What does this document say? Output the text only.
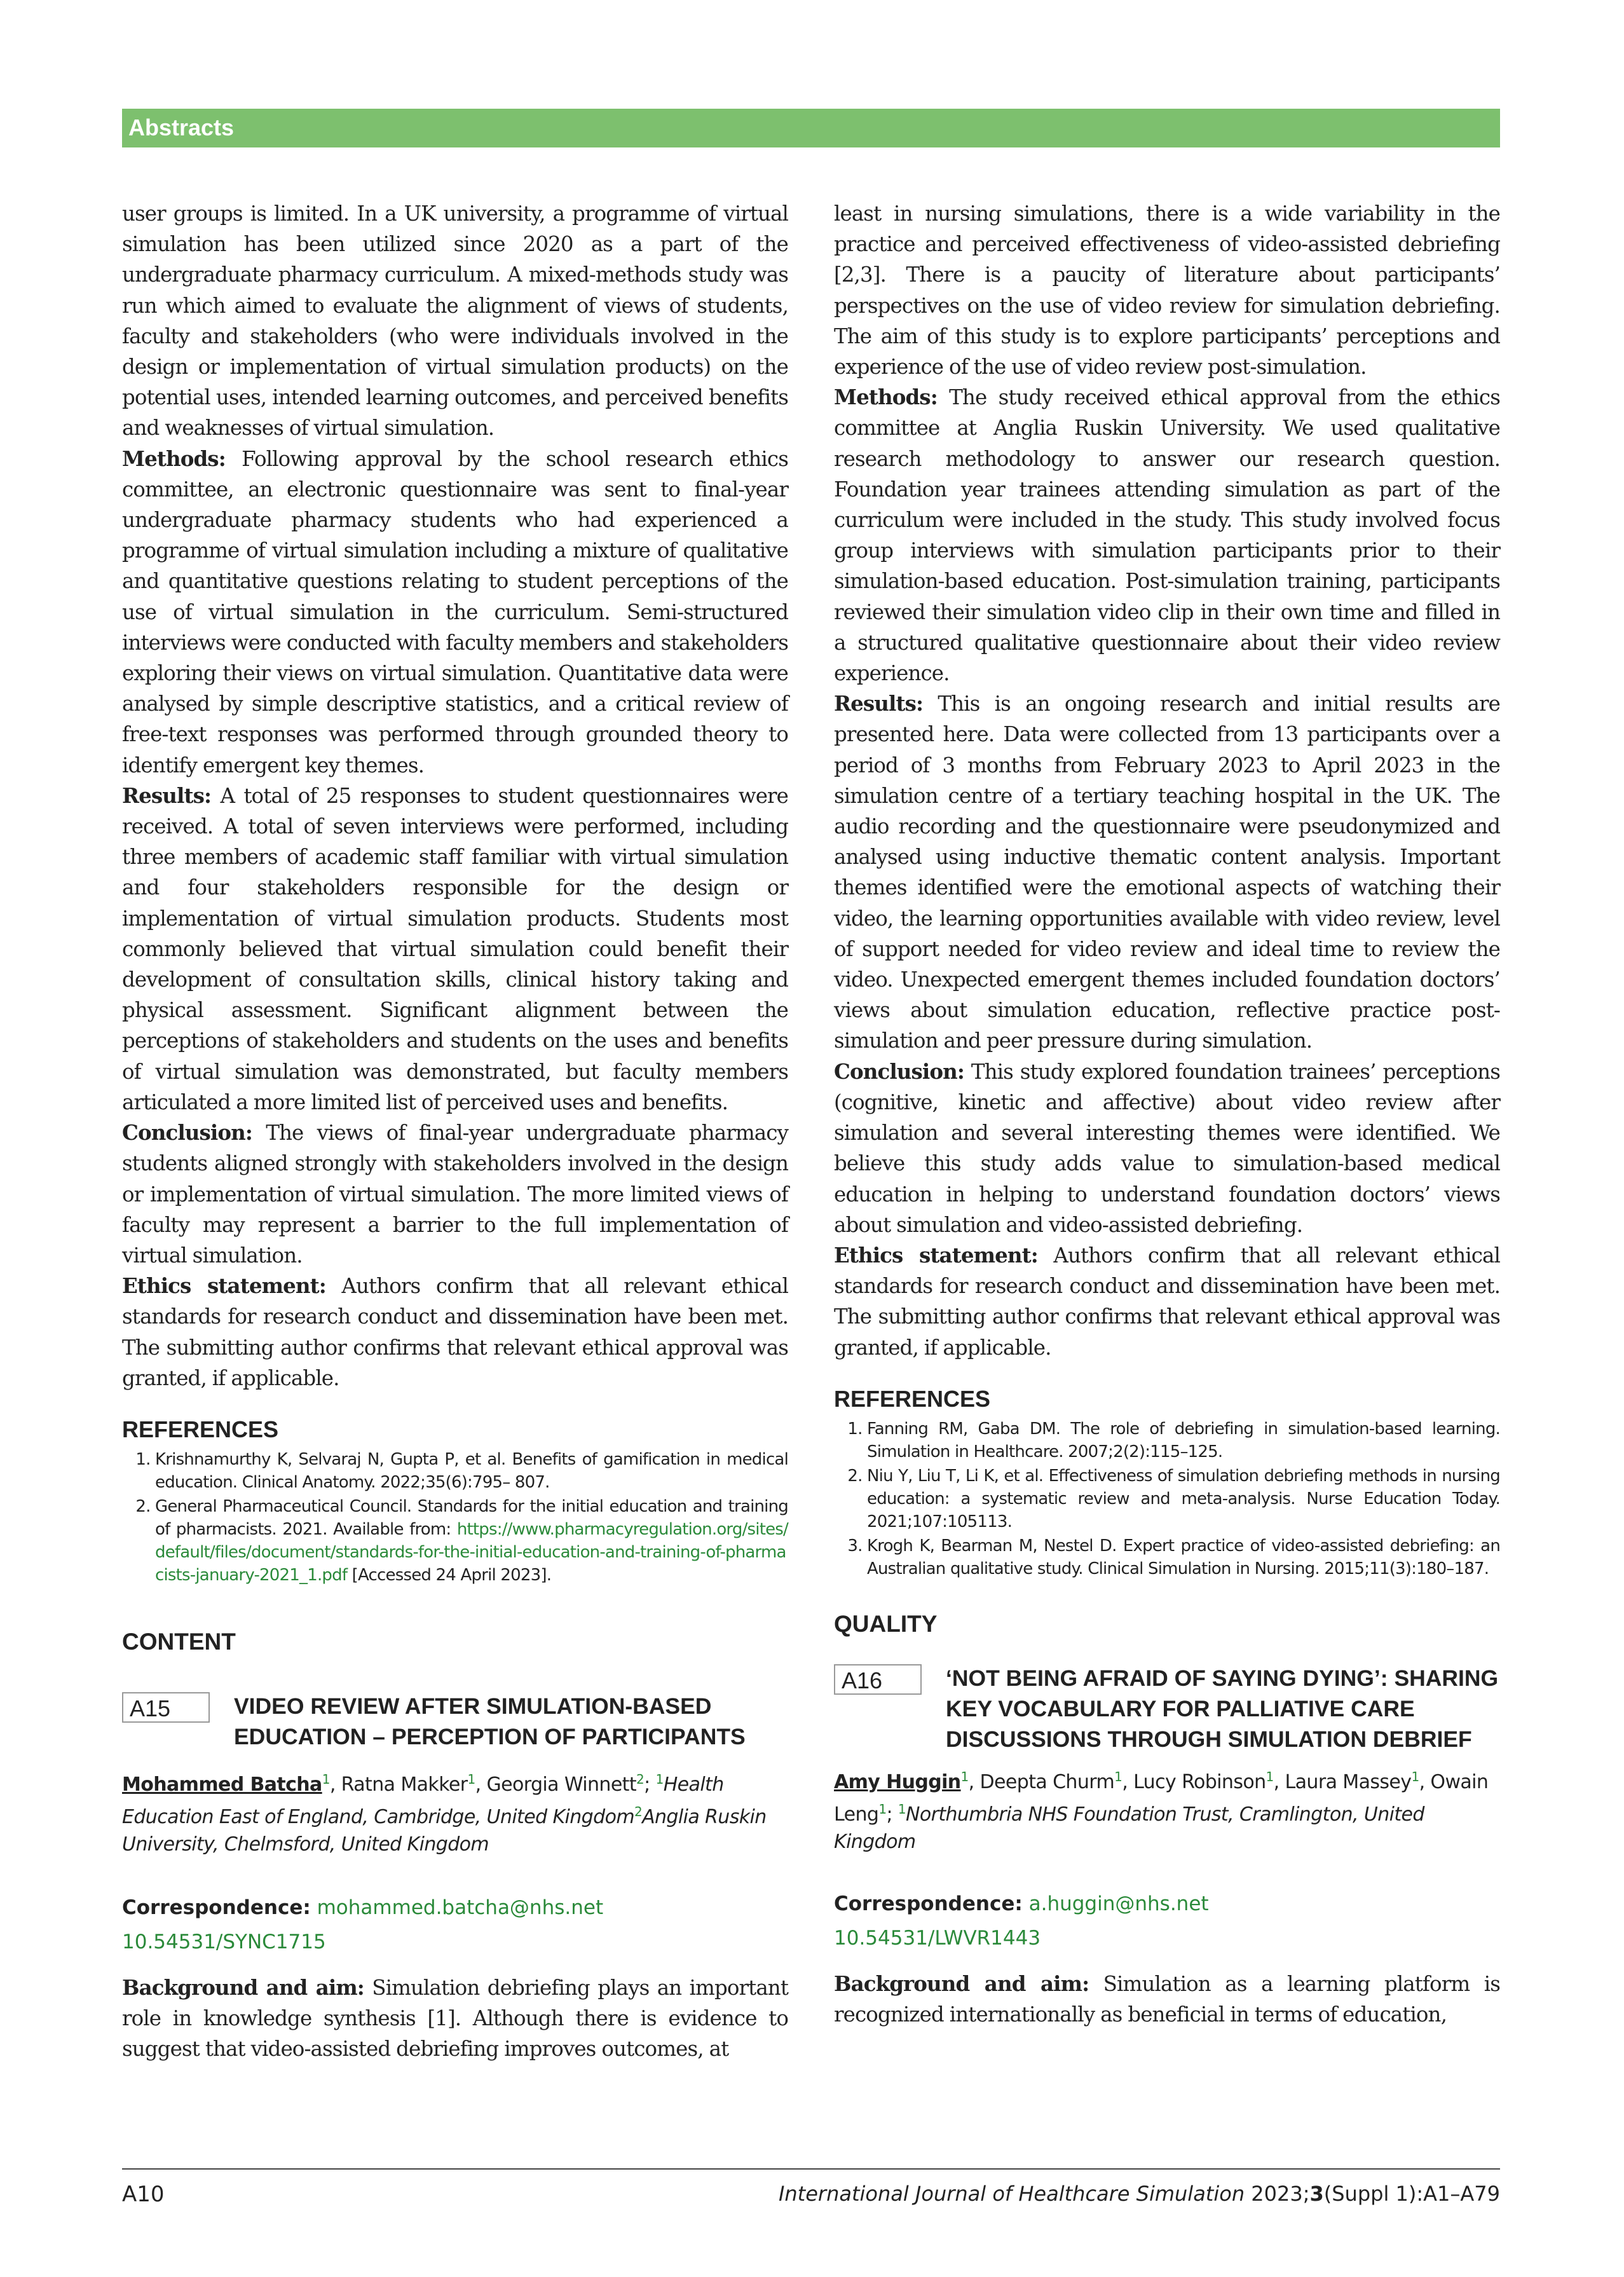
Abstracts

user groups is limited. In a UK university, a programme of virtual simulation has been utilized since 2020 as a part of the undergraduate pharmacy curriculum. A mixed-methods study was run which aimed to evaluate the alignment of views of students, faculty and stakeholders (who were individuals involved in the design or implementation of virtual simulation products) on the potential uses, intended learning outcomes, and perceived benefits and weaknesses of virtual simulation.

Methods: Following approval by the school research ethics committee, an electronic questionnaire was sent to final-year undergraduate pharmacy students who had experienced a programme of virtual simulation including a mixture of qualitative and quantitative questions relating to student perceptions of the use of virtual simulation in the curriculum. Semi-structured interviews were conducted with faculty members and stakeholders exploring their views on virtual simulation. Quantitative data were analysed by simple descriptive statistics, and a critical review of free-text responses was performed through grounded theory to identify emergent key themes.

Results: A total of 25 responses to student questionnaires were received. A total of seven interviews were performed, including three members of academic staff familiar with virtual simulation and four stakeholders responsible for the design or implementation of virtual simulation products. Students most commonly believed that virtual simulation could benefit their development of consultation skills, clinical history taking and physical assessment. Significant alignment between the perceptions of stakeholders and students on the uses and benefits of virtual simulation was demonstrated, but faculty members articulated a more limited list of perceived uses and benefits.

Conclusion: The views of final-year undergraduate pharmacy students aligned strongly with stakeholders involved in the design or implementation of virtual simulation. The more limited views of faculty may represent a barrier to the full implementation of virtual simulation.

Ethics statement: Authors confirm that all relevant ethical standards for research conduct and dissemination have been met. The submitting author confirms that relevant ethical approval was granted, if applicable.

REFERENCES
1. Krishnamurthy K, Selvaraj N, Gupta P, et al. Benefits of gamification in medical education. Clinical Anatomy. 2022;35(6):795– 807.
2. General Pharmaceutical Council. Standards for the initial education and training of pharmacists. 2021. Available from: https://www.pharmacyregulation.org/sites/default/files/document/standards-for-the-initial-education-and-training-of-pharmacists-january-2021_1.pdf [Accessed 24 April 2023].
CONTENT
A15	VIDEO REVIEW AFTER SIMULATION-BASED EDUCATION – PERCEPTION OF PARTICIPANTS

Mohammed Batcha$^1$, Ratna Makker$^1$, Georgia Winnett$^2$; $^1$Health Education East of England, Cambridge, United Kingdom$^2$Anglia Ruskin University, Chelmsford, United Kingdom

Correspondence: mohammed.batcha@nhs.net

10.54531/SYNC1715

Background and aim: Simulation debriefing plays an important role in knowledge synthesis [1]. Although there is evidence to suggest that video-assisted debriefing improves outcomes, at

least in nursing simulations, there is a wide variability in the practice and perceived effectiveness of video-assisted debriefing [2,3]. There is a paucity of literature about participants’ perspectives on the use of video review for simulation debriefing. The aim of this study is to explore participants’ perceptions and experience of the use of video review post-simulation.

Methods: The study received ethical approval from the ethics committee at Anglia Ruskin University. We used qualitative research methodology to answer our research question. Foundation year trainees attending simulation as part of the curriculum were included in the study. This study involved focus group interviews with simulation participants prior to their simulation-based education. Post-simulation training, participants reviewed their simulation video clip in their own time and filled in a structured qualitative questionnaire about their video review experience.

Results: This is an ongoing research and initial results are presented here. Data were collected from 13 participants over a period of 3 months from February 2023 to April 2023 in the simulation centre of a tertiary teaching hospital in the UK. The audio recording and the questionnaire were pseudonymized and analysed using inductive thematic content analysis. Important themes identified were the emotional aspects of watching their video, the learning opportunities available with video review, level of support needed for video review and ideal time to review the video. Unexpected emergent themes included foundation doctors’ views about simulation education, reflective practice post-simulation and peer pressure during simulation.

Conclusion: This study explored foundation trainees’ perceptions (cognitive, kinetic and affective) about video review after simulation and several interesting themes were identified. We believe this study adds value to simulation-based medical education in helping to understand foundation doctors’ views about simulation and video-assisted debriefing.

Ethics statement: Authors confirm that all relevant ethical standards for research conduct and dissemination have been met. The submitting author confirms that relevant ethical approval was granted, if applicable.

REFERENCES
1. Fanning RM, Gaba DM. The role of debriefing in simulation-based learning. Simulation in Healthcare. 2007;2(2):115–125.
2. Niu Y, Liu T, Li K, et al. Effectiveness of simulation debriefing methods in nursing education: a systematic review and meta-analysis. Nurse Education Today. 2021;107:105113.
3. Krogh K, Bearman M, Nestel D. Expert practice of video-assisted debriefing: an Australian qualitative study. Clinical Simulation in Nursing. 2015;11(3):180–187.
QUALITY
A16	‘NOT BEING AFRAID OF SAYING DYING’: SHARING KEY VOCABULARY FOR PALLIATIVE CARE DISCUSSIONS THROUGH SIMULATION DEBRIEF

Amy Huggin$^1$, Deepta Churm$^1$, Lucy Robinson$^1$, Laura Massey$^1$, Owain Leng$^1$; $^1$Northumbria NHS Foundation Trust, Cramlington, United Kingdom

Correspondence: a.huggin@nhs.net

10.54531/LWVR1443

Background and aim: Simulation as a learning platform is recognized internationally as beneficial in terms of education,

A10	International Journal of Healthcare Simulation 2023;3(Suppl 1):A1–A79
